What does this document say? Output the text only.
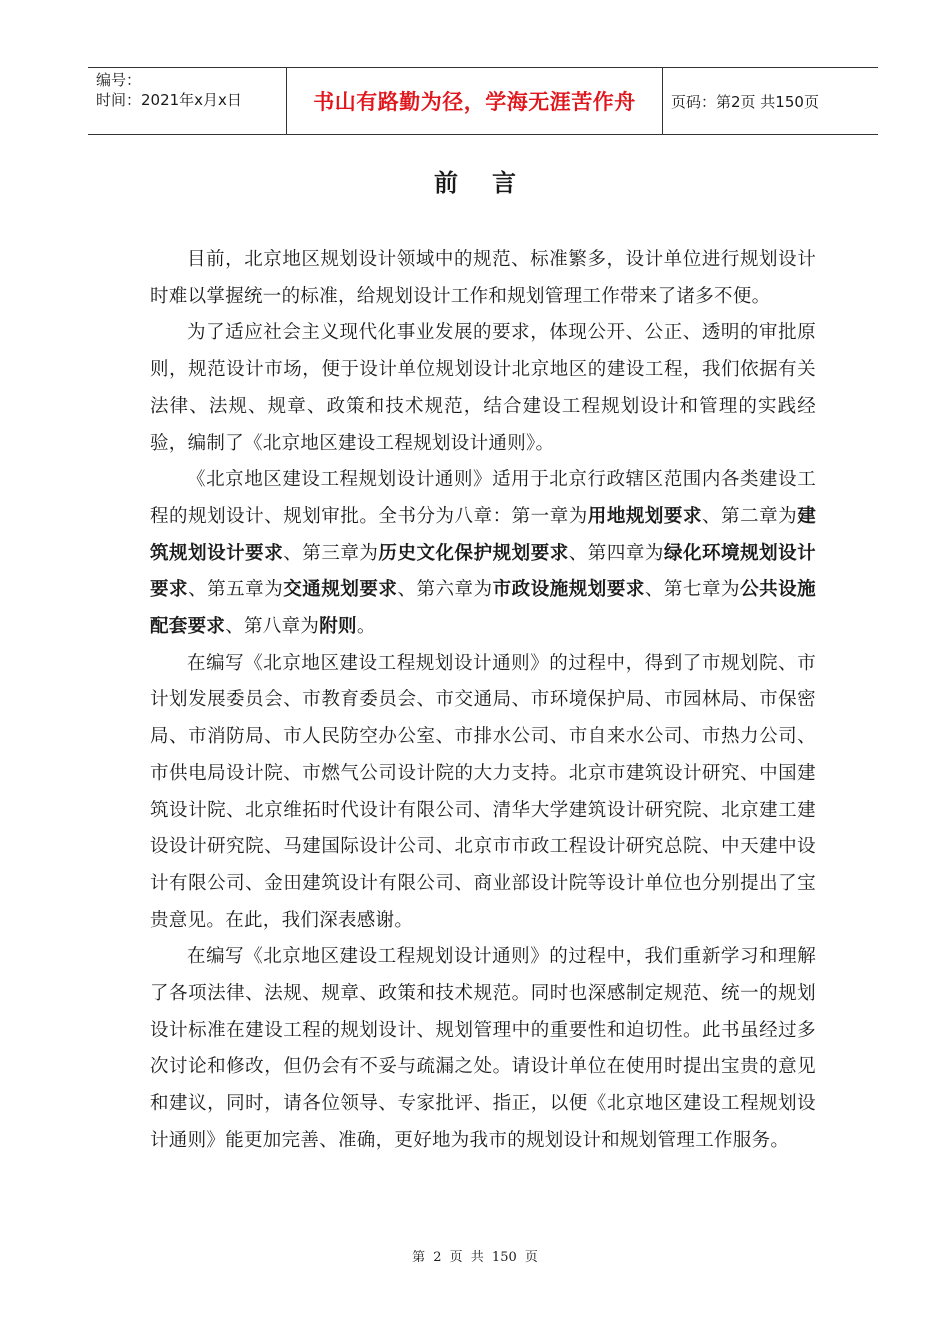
编号：
时间：2021年x月x日	书山有路勤为径，学海无涯苦作舟 页码：第2页 共150页
前言

目前，北京地区规划设计领域中的规范、标准繁多，设计单位进行规划设计时难以掌握统一的标准，给规划设计工作和规划管理工作带来了诸多不便。

为了适应社会主义现代化事业发展的要求，体现公开、公正、透明的审批原则，规范设计市场，便于设计单位规划设计北京地区的建设工程，我们依据有关法律、法规、规章、政策和技术规范，结合建设工程规划设计和管理的实践经验，编制了《北京地区建设工程规划设计通则》。

《北京地区建设工程规划设计通则》适用于北京行政辖区范围内各类建设工程的规划设计、规划审批。全书分为八章：第一章为用地规划要求、第二章为建筑规划设计要求、第三章为历史文化保护规划要求、第四章为绿化环境规划设计要求、第五章为交通规划要求、第六章为市政设施规划要求、第七章为公共设施配套要求、第八章为附则。

在编写《北京地区建设工程规划设计通则》的过程中，得到了市规划院、市计划发展委员会、市教育委员会、市交通局、市环境保护局、市园林局、市保密局、市消防局、市人民防空办公室、市排水公司、市自来水公司、市热力公司、市供电局设计院、市燃气公司设计院的大力支持。北京市建筑设计研究、中国建筑设计院、北京维拓时代设计有限公司、清华大学建筑设计研究院、北京建工建设设计研究院、马建国际设计公司、北京市市政工程设计研究总院、中天建中设计有限公司、金田建筑设计有限公司、商业部设计院等设计单位也分别提出了宝贵意见。在此，我们深表感谢。

在编写《北京地区建设工程规划设计通则》的过程中，我们重新学习和理解了各项法律、法规、规章、政策和技术规范。同时也深感制定规范、统一的规划设计标准在建设工程的规划设计、规划管理中的重要性和迫切性。此书虽经过多次讨论和修改，但仍会有不妥与疏漏之处。请设计单位在使用时提出宝贵的意见和建议，同时，请各位领导、专家批评、指正，以便《北京地区建设工程规划设计通则》能更加完善、准确，更好地为我市的规划设计和规划管理工作服务。

第 2 页 共 150 页
